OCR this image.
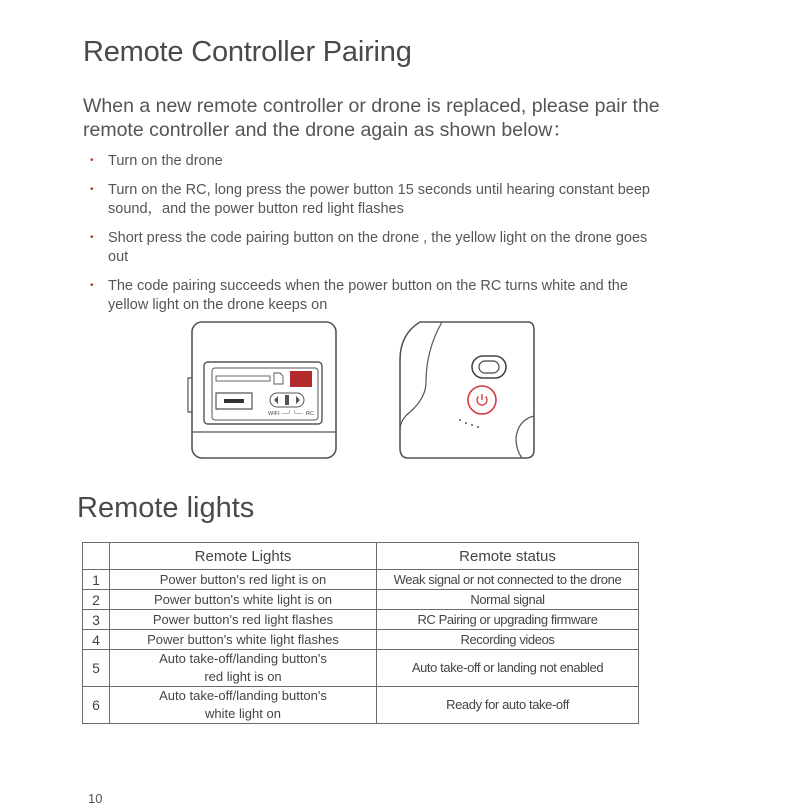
Remote Controller Pairing

When a new remote controller or drone is replaced, please pair the remote controller and the drone again as shown below：

• Turn on the drone
• Turn on the RC, long press the power button 15 seconds until hearing constant beep sound，and the power button red light flashes
• Short press the code pairing button on the drone , the yellow light on the drone goes out
• The code pairing succeeds when the power button on the RC turns white and the yellow light on the drone keeps on
WIFI —┘ └— RC
Remote lights
	Remote Lights	Remote status
1	Power button's red light is on	Weak signal or not connected to the drone
2	Power button's white light is on	Normal signal
3	Power button's red light flashes	RC Pairing or upgrading firmware
4	Power button's white light flashes	Recording videos
5	Auto take-off/landing button's
red light is on	Auto take-off or landing not enabled
6	Auto take-off/landing button's
white light on	Ready for auto take-off
10
